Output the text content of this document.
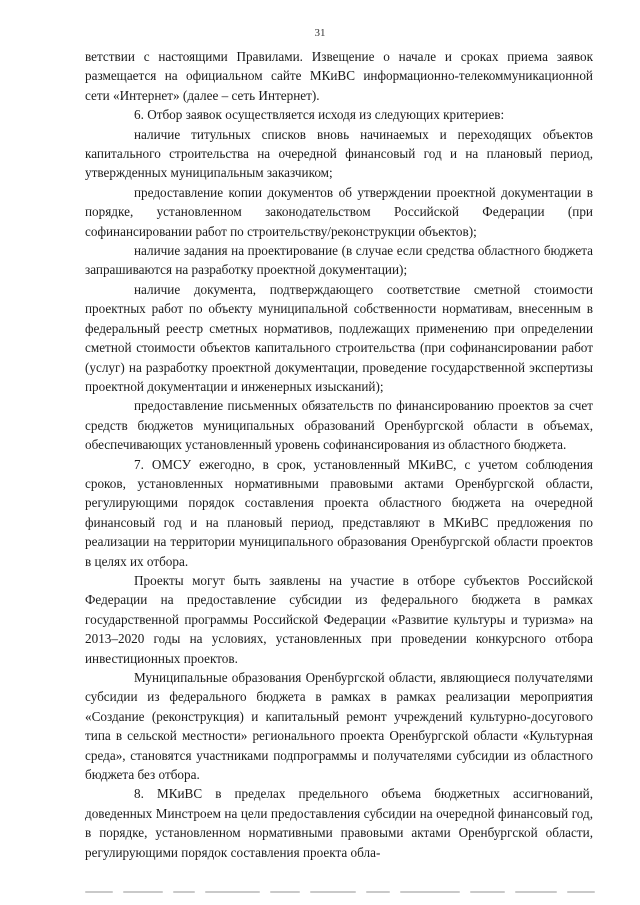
31

ветствии с настоящими Правилами. Извещение о начале и сроках приема заявок размещается на официальном сайте МКиВС информационно-телекоммуникационной сети «Интернет» (далее – сеть Интернет).

6. Отбор заявок осуществляется исходя из следующих критериев:

наличие титульных списков вновь начинаемых и переходящих объектов капитального строительства на очередной финансовый год и на плановый период, утвержденных муниципальным заказчиком;

предоставление копии документов об утверждении проектной документации в порядке, установленном законодательством Российской Федерации (при софинансировании работ по строительству/реконструкции объектов);

наличие задания на проектирование (в случае если средства областного бюджета запрашиваются на разработку проектной документации);

наличие документа, подтверждающего соответствие сметной стоимости проектных работ по объекту муниципальной собственности нормативам, внесенным в федеральный реестр сметных нормативов, подлежащих применению при определении сметной стоимости объектов капитального строительства (при софинансировании работ (услуг) на разработку проектной документации, проведение государственной экспертизы проектной документации и инженерных изысканий);

предоставление письменных обязательств по финансированию проектов за счет средств бюджетов муниципальных образований Оренбургской области в объемах, обеспечивающих установленный уровень софинансирования из областного бюджета.

7. ОМСУ ежегодно, в срок, установленный МКиВС, с учетом соблюдения сроков, установленных нормативными правовыми актами Оренбургской области, регулирующими порядок составления проекта областного бюджета на очередной финансовый год и на плановый период, представляют в МКиВС предложения по реализации на территории муниципального образования Оренбургской области проектов в целях их отбора.

Проекты могут быть заявлены на участие в отборе субъектов Российской Федерации на предоставление субсидии из федерального бюджета в рамках государственной программы Российской Федерации «Развитие культуры и туризма» на 2013–2020 годы на условиях, установленных при проведении конкурсного отбора инвестиционных проектов.

Муниципальные образования Оренбургской области, являющиеся получателями субсидии из федерального бюджета в рамках в рамках реализации мероприятия «Создание (реконструкция) и капитальный ремонт учреждений культурно-досугового типа в сельской местности» регионального проекта Оренбургской области «Культурная среда», становятся участниками подпрограммы и получателями субсидии из областного бюджета без отбора.

8. МКиВС в пределах предельного объема бюджетных ассигнований, доведенных Минстроем на цели предоставления субсидии на очередной финансовый год, в порядке, установленном нормативными правовыми актами Оренбургской области, регулирующими порядок составления проекта обла-
